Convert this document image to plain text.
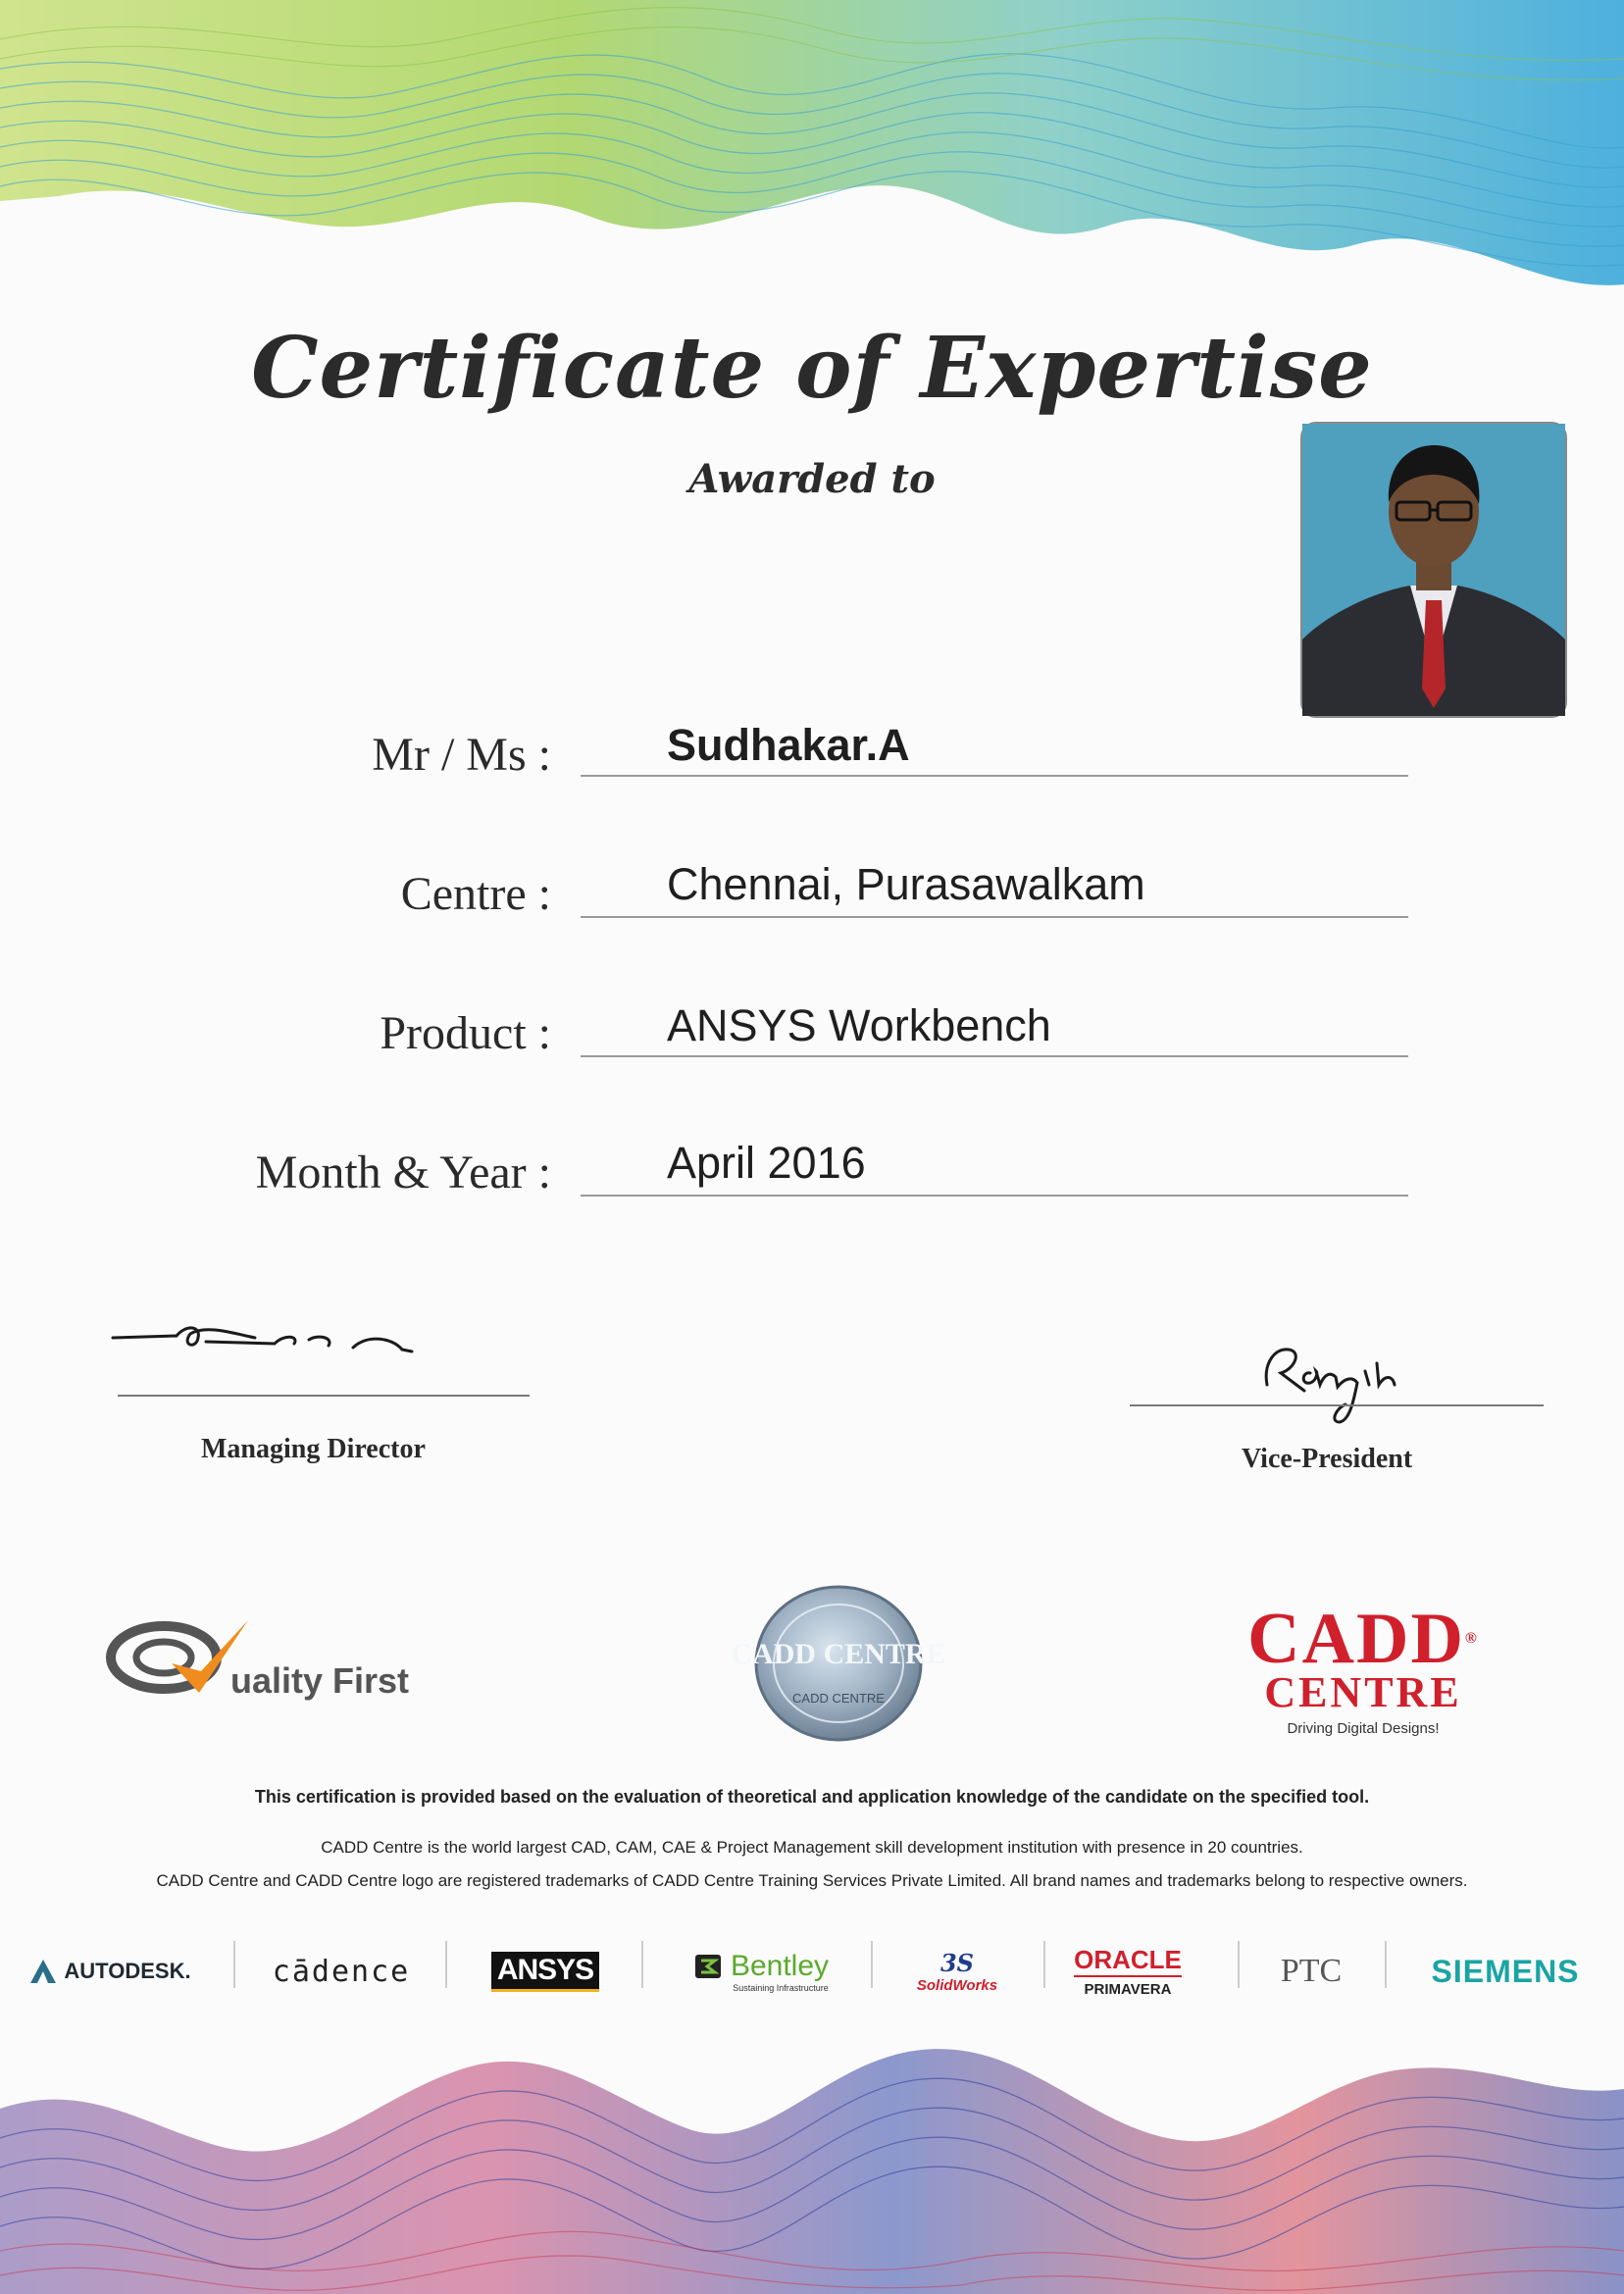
Certificate of Expertise
Awarded to
Mr / Ms :	Sudhakar.A
Centre :	Chennai, Purasawalkam
Product :	ANSYS Workbench
Month & Year :	April 2016
Managing Director	Vice-President
uality First
CADD CENTRE
CADD CENTRE
CADD®
CENTRE
Driving Digital Designs!
This certification is provided based on the evaluation of theoretical and application knowledge of the candidate on the specified tool.
CADD Centre is the world largest CAD, CAM, CAE & Project Management skill development institution with presence in 20 countries.
CADD Centre and CADD Centre logo are registered trademarks of CADD Centre Training Services Private Limited. All brand names and trademarks belong to respective owners.
AUTODESK.	cādence	ANSYS	Bentley
Sustaining Infrastructure
3S
SolidWorks
ORACLE
PRIMAVERA
PTC	SIEMENS
